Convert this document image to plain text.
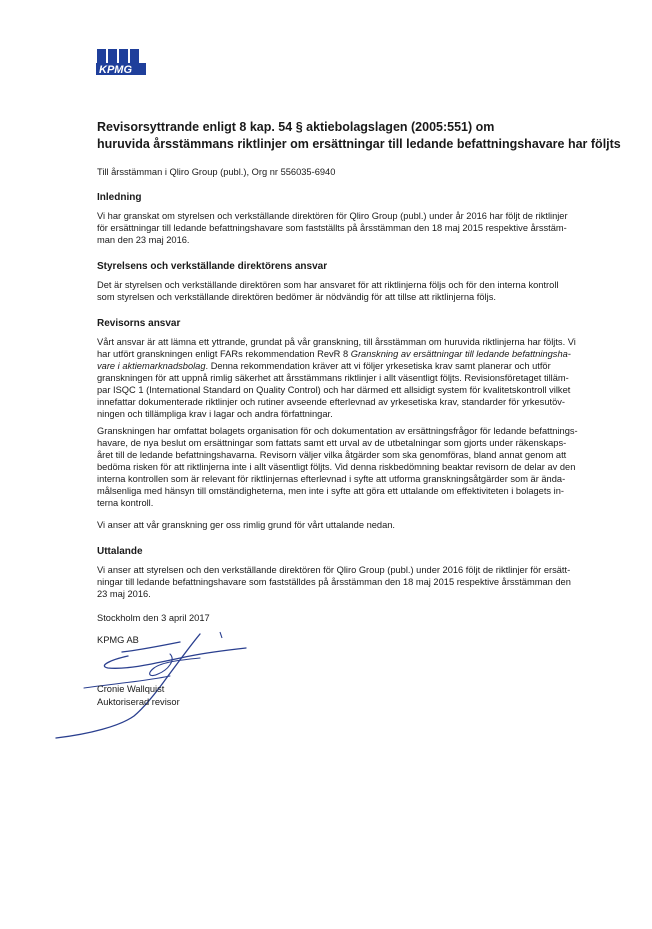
KPMG
Revisorsyttrande enligt 8 kap. 54 § aktiebolagslagen (2005:551) om
huruvida årsstämmans riktlinjer om ersättningar till ledande befattningshavare har följts

Till årsstämman i Qliro Group (publ.), Org nr 556035-6940

Inledning

Vi har granskat om styrelsen och verkställande direktören för Qliro Group (publ.) under år 2016 har följt de riktlinjer
för ersättningar till ledande befattningshavare som fastställts på årsstämman den 18 maj 2015 respektive årsstäm-
man den 23 maj 2016.

Styrelsens och verkställande direktörens ansvar

Det är styrelsen och verkställande direktören som har ansvaret för att riktlinjerna följs och för den interna kontroll
som styrelsen och verkställande direktören bedömer är nödvändig för att tillse att riktlinjerna följs.

Revisorns ansvar

Vårt ansvar är att lämna ett yttrande, grundat på vår granskning, till årsstämman om huruvida riktlinjerna har följts. Vi
har utfört granskningen enligt FARs rekommendation RevR 8 Granskning av ersättningar till ledande befattningsha-
vare i aktiemarknadsbolag. Denna rekommendation kräver att vi följer yrkesetiska krav samt planerar och utför
granskningen för att uppnå rimlig säkerhet att årsstämmans riktlinjer i allt väsentligt följts. Revisionsföretaget tilläm-
par ISQC 1 (International Standard on Quality Control) och har därmed ett allsidigt system för kvalitetskontroll vilket
innefattar dokumenterade riktlinjer och rutiner avseende efterlevnad av yrkesetiska krav, standarder för yrkesutöv-
ningen och tillämpliga krav i lagar och andra författningar.

Granskningen har omfattat bolagets organisation för och dokumentation av ersättningsfrågor för ledande befattnings-
havare, de nya beslut om ersättningar som fattats samt ett urval av de utbetalningar som gjorts under räkenskaps-
året till de ledande befattningshavarna. Revisorn väljer vilka åtgärder som ska genomföras, bland annat genom att
bedöma risken för att riktlinjerna inte i allt väsentligt följts. Vid denna riskbedömning beaktar revisorn de delar av den
interna kontrollen som är relevant för riktlinjernas efterlevnad i syfte att utforma granskningsåtgärder som är ända-
målsenliga med hänsyn till omständigheterna, men inte i syfte att göra ett uttalande om effektiviteten i bolagets in-
terna kontroll.

Vi anser att vår granskning ger oss rimlig grund för vårt uttalande nedan.

Uttalande

Vi anser att styrelsen och den verkställande direktören för Qliro Group (publ.) under 2016 följt de riktlinjer för ersätt-
ningar till ledande befattningshavare som fastställdes på årsstämman den 18 maj 2015 respektive årsstämman den
23 maj 2016.

Stockholm den 3 april 2017

KPMG AB

Cronie Wallquist
Auktoriserad revisor
